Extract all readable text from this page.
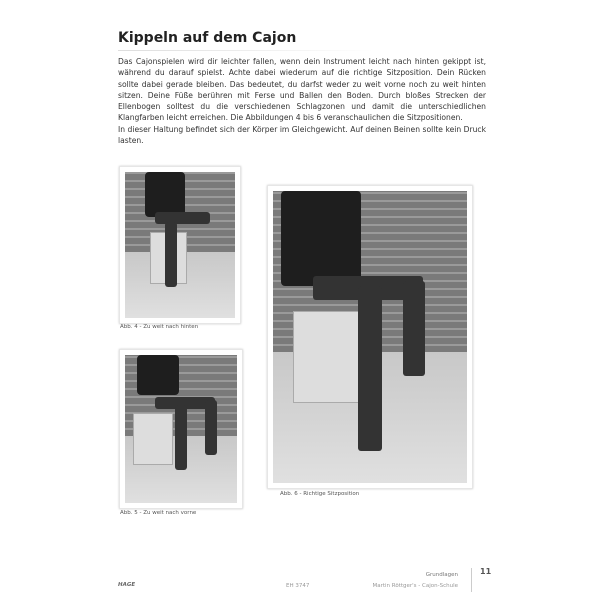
Kippeln auf dem Cajon

Das Cajonspielen wird dir leichter fallen, wenn dein Instrument leicht nach hinten gekippt ist, während du darauf spielst. Achte dabei wiederum auf die richtige Sitzposition. Dein Rücken sollte dabei gerade bleiben. Das bedeutet, du darfst weder zu weit vorne noch zu weit hinten sitzen. Deine Füße berühren mit Ferse und Ballen den Boden. Durch bloßes Strecken der Ellenbogen solltest du die verschiedenen Schlagzonen und damit die unterschiedlichen Klangfarben leicht erreichen. Die Abbildungen 4 bis 6 veranschaulichen die Sitzpositionen.

In dieser Haltung befindet sich der Körper im Gleichgewicht. Auf deinen Beinen sollte kein Druck lasten.

Abb. 4 - Zu weit nach hinten
Abb. 5 - Zu weit nach vorne
Abb. 6 - Richtige Sitzposition
HAGE	EH 3747
Grundlagen
Martin Röttger's - Cajon-Schule
11
